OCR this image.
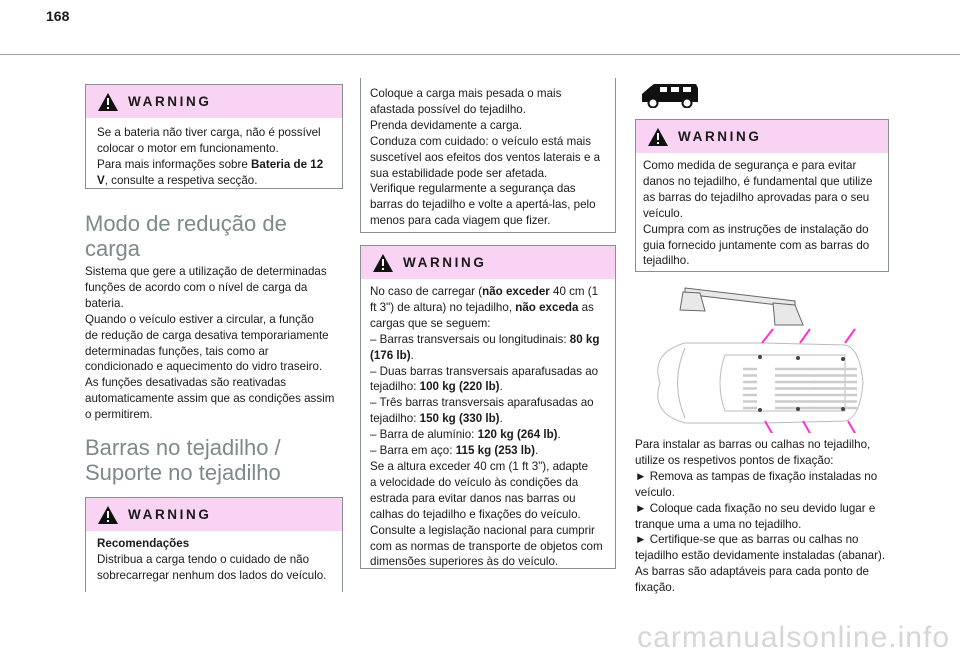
168
WARNING
Se a bateria não tiver carga, não é possível
colocar o motor em funcionamento.
Para mais informações sobre Bateria de 12
V, consulte a respetiva secção.
Modo de redução de
carga
Sistema que gere a utilização de determinadas
funções de acordo com o nível de carga da
bateria.
Quando o veículo estiver a circular, a função
de redução de carga desativa temporariamente
determinadas funções, tais como ar
condicionado e aquecimento do vidro traseiro.
As funções desativadas são reativadas
automaticamente assim que as condições assim
o permitirem.
Barras no tejadilho /
Suporte no tejadilho
WARNING
Recomendações
Distribua a carga tendo o cuidado de não
sobrecarregar nenhum dos lados do veículo.
Coloque a carga mais pesada o mais
afastada possível do tejadilho.
Prenda devidamente a carga.
Conduza com cuidado: o veículo está mais
suscetível aos efeitos dos ventos laterais e a
sua estabilidade pode ser afetada.
Verifique regularmente a segurança das
barras do tejadilho e volte a apertá-las, pelo
menos para cada viagem que fizer.
WARNING
No caso de carregar (não exceder 40 cm (1
ft 3") de altura) no tejadilho, não exceda as
cargas que se seguem:
– Barras transversais ou longitudinais: 80 kg
(176 lb).
– Duas barras transversais aparafusadas ao
tejadilho: 100 kg (220 lb).
– Três barras transversais aparafusadas ao
tejadilho: 150 kg (330 lb).
– Barra de alumínio: 120 kg (264 lb).
– Barra em aço: 115 kg (253 lb).
Se a altura exceder 40 cm (1 ft 3"), adapte
a velocidade do veículo às condições da
estrada para evitar danos nas barras ou
calhas do tejadilho e fixações do veículo.
Consulte a legislação nacional para cumprir
com as normas de transporte de objetos com
dimensões superiores às do veículo.
WARNING
Como medida de segurança e para evitar
danos no tejadilho, é fundamental que utilize
as barras do tejadilho aprovadas para o seu
veículo.
Cumpra com as instruções de instalação do
guia fornecido juntamente com as barras do
tejadilho.
Para instalar as barras ou calhas no tejadilho,
utilize os respetivos pontos de fixação:
► Remova as tampas de fixação instaladas no
veículo.
► Coloque cada fixação no seu devido lugar e
tranque uma a uma no tejadilho.
► Certifique-se que as barras ou calhas no
tejadilho estão devidamente instaladas (abanar).
As barras são adaptáveis para cada ponto de
fixação.
carmanualsonline.info
